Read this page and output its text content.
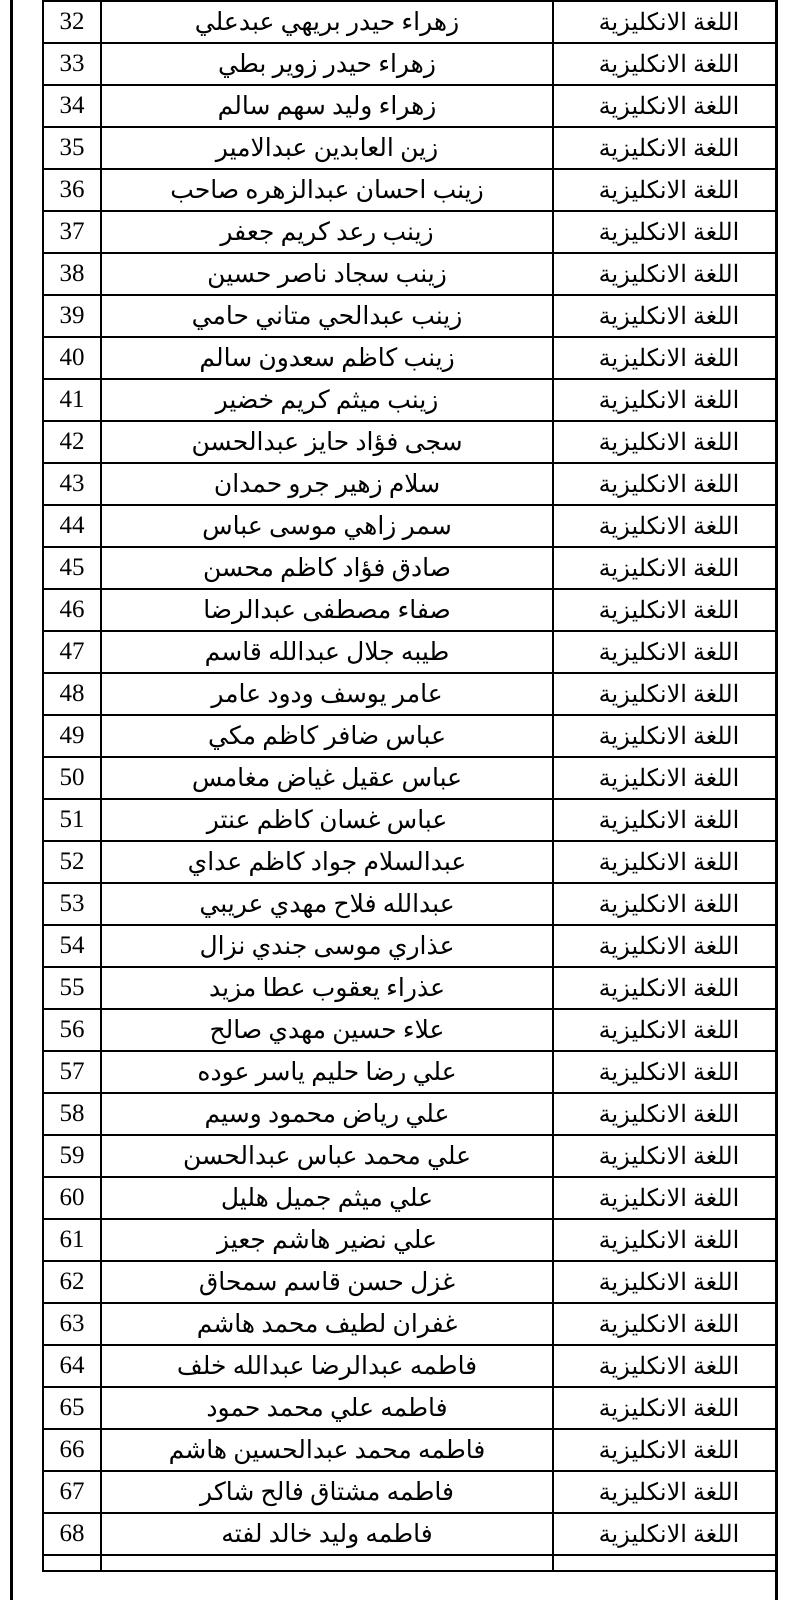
اللغة الانكليزية	زهراء حيدر بريهي عبدعلي	32
اللغة الانكليزية	زهراء حيدر زوير بطي	33
اللغة الانكليزية	زهراء وليد سهم سالم	34
اللغة الانكليزية	زين العابدين عبدالامير	35
اللغة الانكليزية	زينب احسان عبدالزهره صاحب	36
اللغة الانكليزية	زينب رعد كريم جعفر	37
اللغة الانكليزية	زينب سجاد ناصر حسين	38
اللغة الانكليزية	زينب عبدالحي متاني حامي	39
اللغة الانكليزية	زينب كاظم سعدون سالم	40
اللغة الانكليزية	زينب ميثم كريم خضير	41
اللغة الانكليزية	سجى فؤاد حايز عبدالحسن	42
اللغة الانكليزية	سلام زهير جرو حمدان	43
اللغة الانكليزية	سمر زاهي موسى عباس	44
اللغة الانكليزية	صادق فؤاد كاظم محسن	45
اللغة الانكليزية	صفاء مصطفى عبدالرضا	46
اللغة الانكليزية	طيبه جلال عبدالله قاسم	47
اللغة الانكليزية	عامر يوسف ودود عامر	48
اللغة الانكليزية	عباس ضافر كاظم مكي	49
اللغة الانكليزية	عباس عقيل غياض مغامس	50
اللغة الانكليزية	عباس غسان كاظم عنتر	51
اللغة الانكليزية	عبدالسلام جواد كاظم عداي	52
اللغة الانكليزية	عبدالله فلاح مهدي عريبي	53
اللغة الانكليزية	عذاري موسى جندي نزال	54
اللغة الانكليزية	عذراء يعقوب عطا مزيد	55
اللغة الانكليزية	علاء حسين مهدي صالح	56
اللغة الانكليزية	علي رضا حليم ياسر عوده	57
اللغة الانكليزية	علي رياض محمود وسيم	58
اللغة الانكليزية	علي محمد عباس عبدالحسن	59
اللغة الانكليزية	علي ميثم جميل هليل	60
اللغة الانكليزية	علي نضير هاشم جعيز	61
اللغة الانكليزية	غزل حسن قاسم سمحاق	62
اللغة الانكليزية	غفران لطيف محمد هاشم	63
اللغة الانكليزية	فاطمه عبدالرضا عبدالله خلف	64
اللغة الانكليزية	فاطمه علي محمد حمود	65
اللغة الانكليزية	فاطمه محمد عبدالحسين هاشم	66
اللغة الانكليزية	فاطمه مشتاق فالح شاكر	67
اللغة الانكليزية	فاطمه وليد خالد لفته	68
